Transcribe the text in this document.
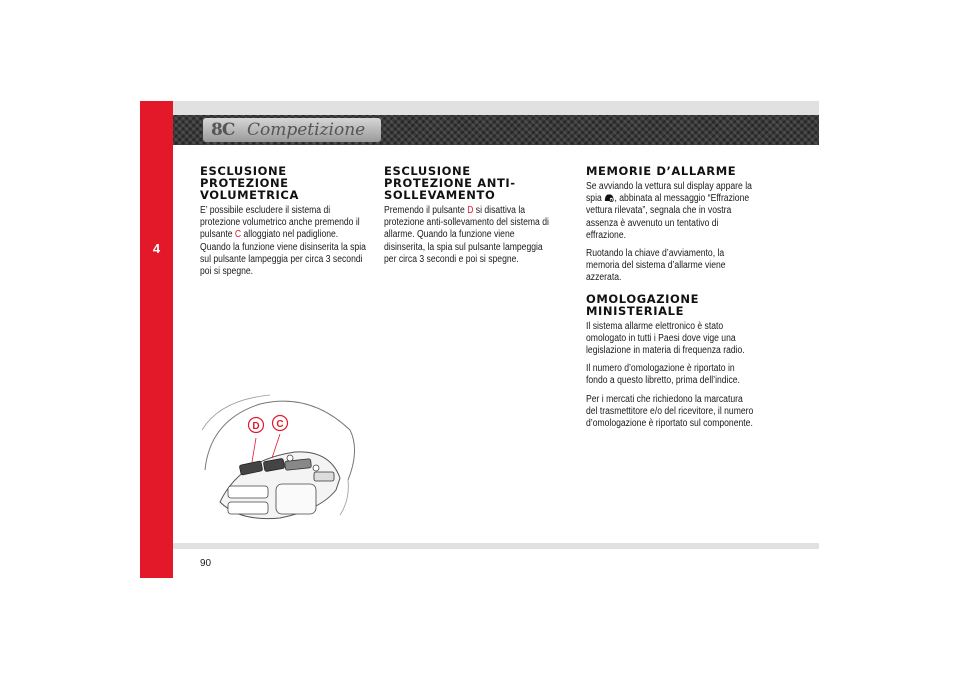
4
8C Competizione
ESCLUSIONE PROTEZIONE VOLUMETRICA

E’ possibile escludere il sistema di protezione volumetrico anche premendo il pulsante C alloggiato nel padiglione. Quando la funzione viene disinserita la spia sul pulsante lampeggia per circa 3 secondi poi si spegne.

ESCLUSIONE PROTEZIONE ANTI-SOLLEVAMENTO

Premendo il pulsante D si disattiva la protezione anti-sollevamento del sistema di allarme. Quando la funzione viene disinserita, la spia sul pulsante lampeggia per circa 3 secondi e poi si spegne.

MEMORIE D’ALLARME

Se avviando la vettura sul display appare la spia , abbinata al messaggio “Effrazione vettura rilevata”, segnala che in vostra assenza è avvenuto un tentativo di effrazione.

Ruotando la chiave d’avviamento, la memoria del sistema d’allarme viene azzerata.

OMOLOGAZIONE MINISTERIALE

Il sistema allarme elettronico è stato omologato in tutti i Paesi dove vige una legislazione in materia di frequenza radio.

Il numero d’omologazione è riportato in fondo a questo libretto, prima dell’indice.

Per i mercati che richiedono la marcatura del trasmettitore e/o del ricevitore, il numero d’omologazione è riportato sul componente.

D C
90
